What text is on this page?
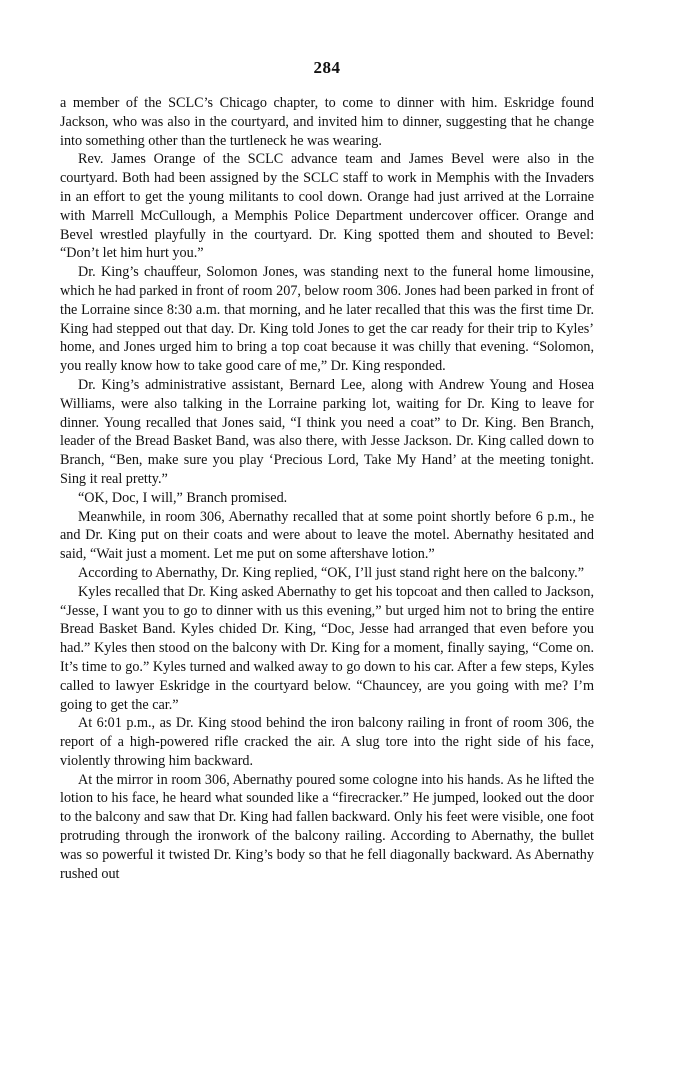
284

a member of the SCLC’s Chicago chapter, to come to dinner with him. Eskridge found Jackson, who was also in the courtyard, and invited him to dinner, suggesting that he change into something other than the turtleneck he was wearing.

Rev. James Orange of the SCLC advance team and James Bevel were also in the courtyard. Both had been assigned by the SCLC staff to work in Memphis with the Invaders in an effort to get the young militants to cool down. Orange had just arrived at the Lorraine with Marrell McCullough, a Memphis Police Department undercover officer. Orange and Bevel wrestled playfully in the courtyard. Dr. King spotted them and shouted to Bevel: “Don’t let him hurt you.”

Dr. King’s chauffeur, Solomon Jones, was standing next to the funeral home limousine, which he had parked in front of room 207, below room 306. Jones had been parked in front of the Lorraine since 8:30 a.m. that morning, and he later recalled that this was the first time Dr. King had stepped out that day. Dr. King told Jones to get the car ready for their trip to Kyles’ home, and Jones urged him to bring a top coat because it was chilly that evening. “Solomon, you really know how to take good care of me,” Dr. King responded.

Dr. King’s administrative assistant, Bernard Lee, along with Andrew Young and Hosea Williams, were also talking in the Lorraine parking lot, waiting for Dr. King to leave for dinner. Young recalled that Jones said, “I think you need a coat” to Dr. King. Ben Branch, leader of the Bread Basket Band, was also there, with Jesse Jackson. Dr. King called down to Branch, “Ben, make sure you play ‘Precious Lord, Take My Hand’ at the meeting tonight. Sing it real pretty.”

“OK, Doc, I will,” Branch promised.

Meanwhile, in room 306, Abernathy recalled that at some point shortly before 6 p.m., he and Dr. King put on their coats and were about to leave the motel. Abernathy hesitated and said, “Wait just a moment. Let me put on some aftershave lotion.”

According to Abernathy, Dr. King replied, “OK, I’ll just stand right here on the balcony.”

Kyles recalled that Dr. King asked Abernathy to get his topcoat and then called to Jackson, “Jesse, I want you to go to dinner with us this evening,” but urged him not to bring the entire Bread Basket Band. Kyles chided Dr. King, “Doc, Jesse had arranged that even before you had.” Kyles then stood on the balcony with Dr. King for a moment, finally saying, “Come on. It’s time to go.” Kyles turned and walked away to go down to his car. After a few steps, Kyles called to lawyer Eskridge in the courtyard below. “Chauncey, are you going with me? I’m going to get the car.”

At 6:01 p.m., as Dr. King stood behind the iron balcony railing in front of room 306, the report of a high-powered rifle cracked the air. A slug tore into the right side of his face, violently throwing him backward.

At the mirror in room 306, Abernathy poured some cologne into his hands. As he lifted the lotion to his face, he heard what sounded like a “firecracker.” He jumped, looked out the door to the balcony and saw that Dr. King had fallen backward. Only his feet were visible, one foot protruding through the ironwork of the balcony railing. According to Abernathy, the bullet was so powerful it twisted Dr. King’s body so that he fell diagonally backward. As Abernathy rushed out
